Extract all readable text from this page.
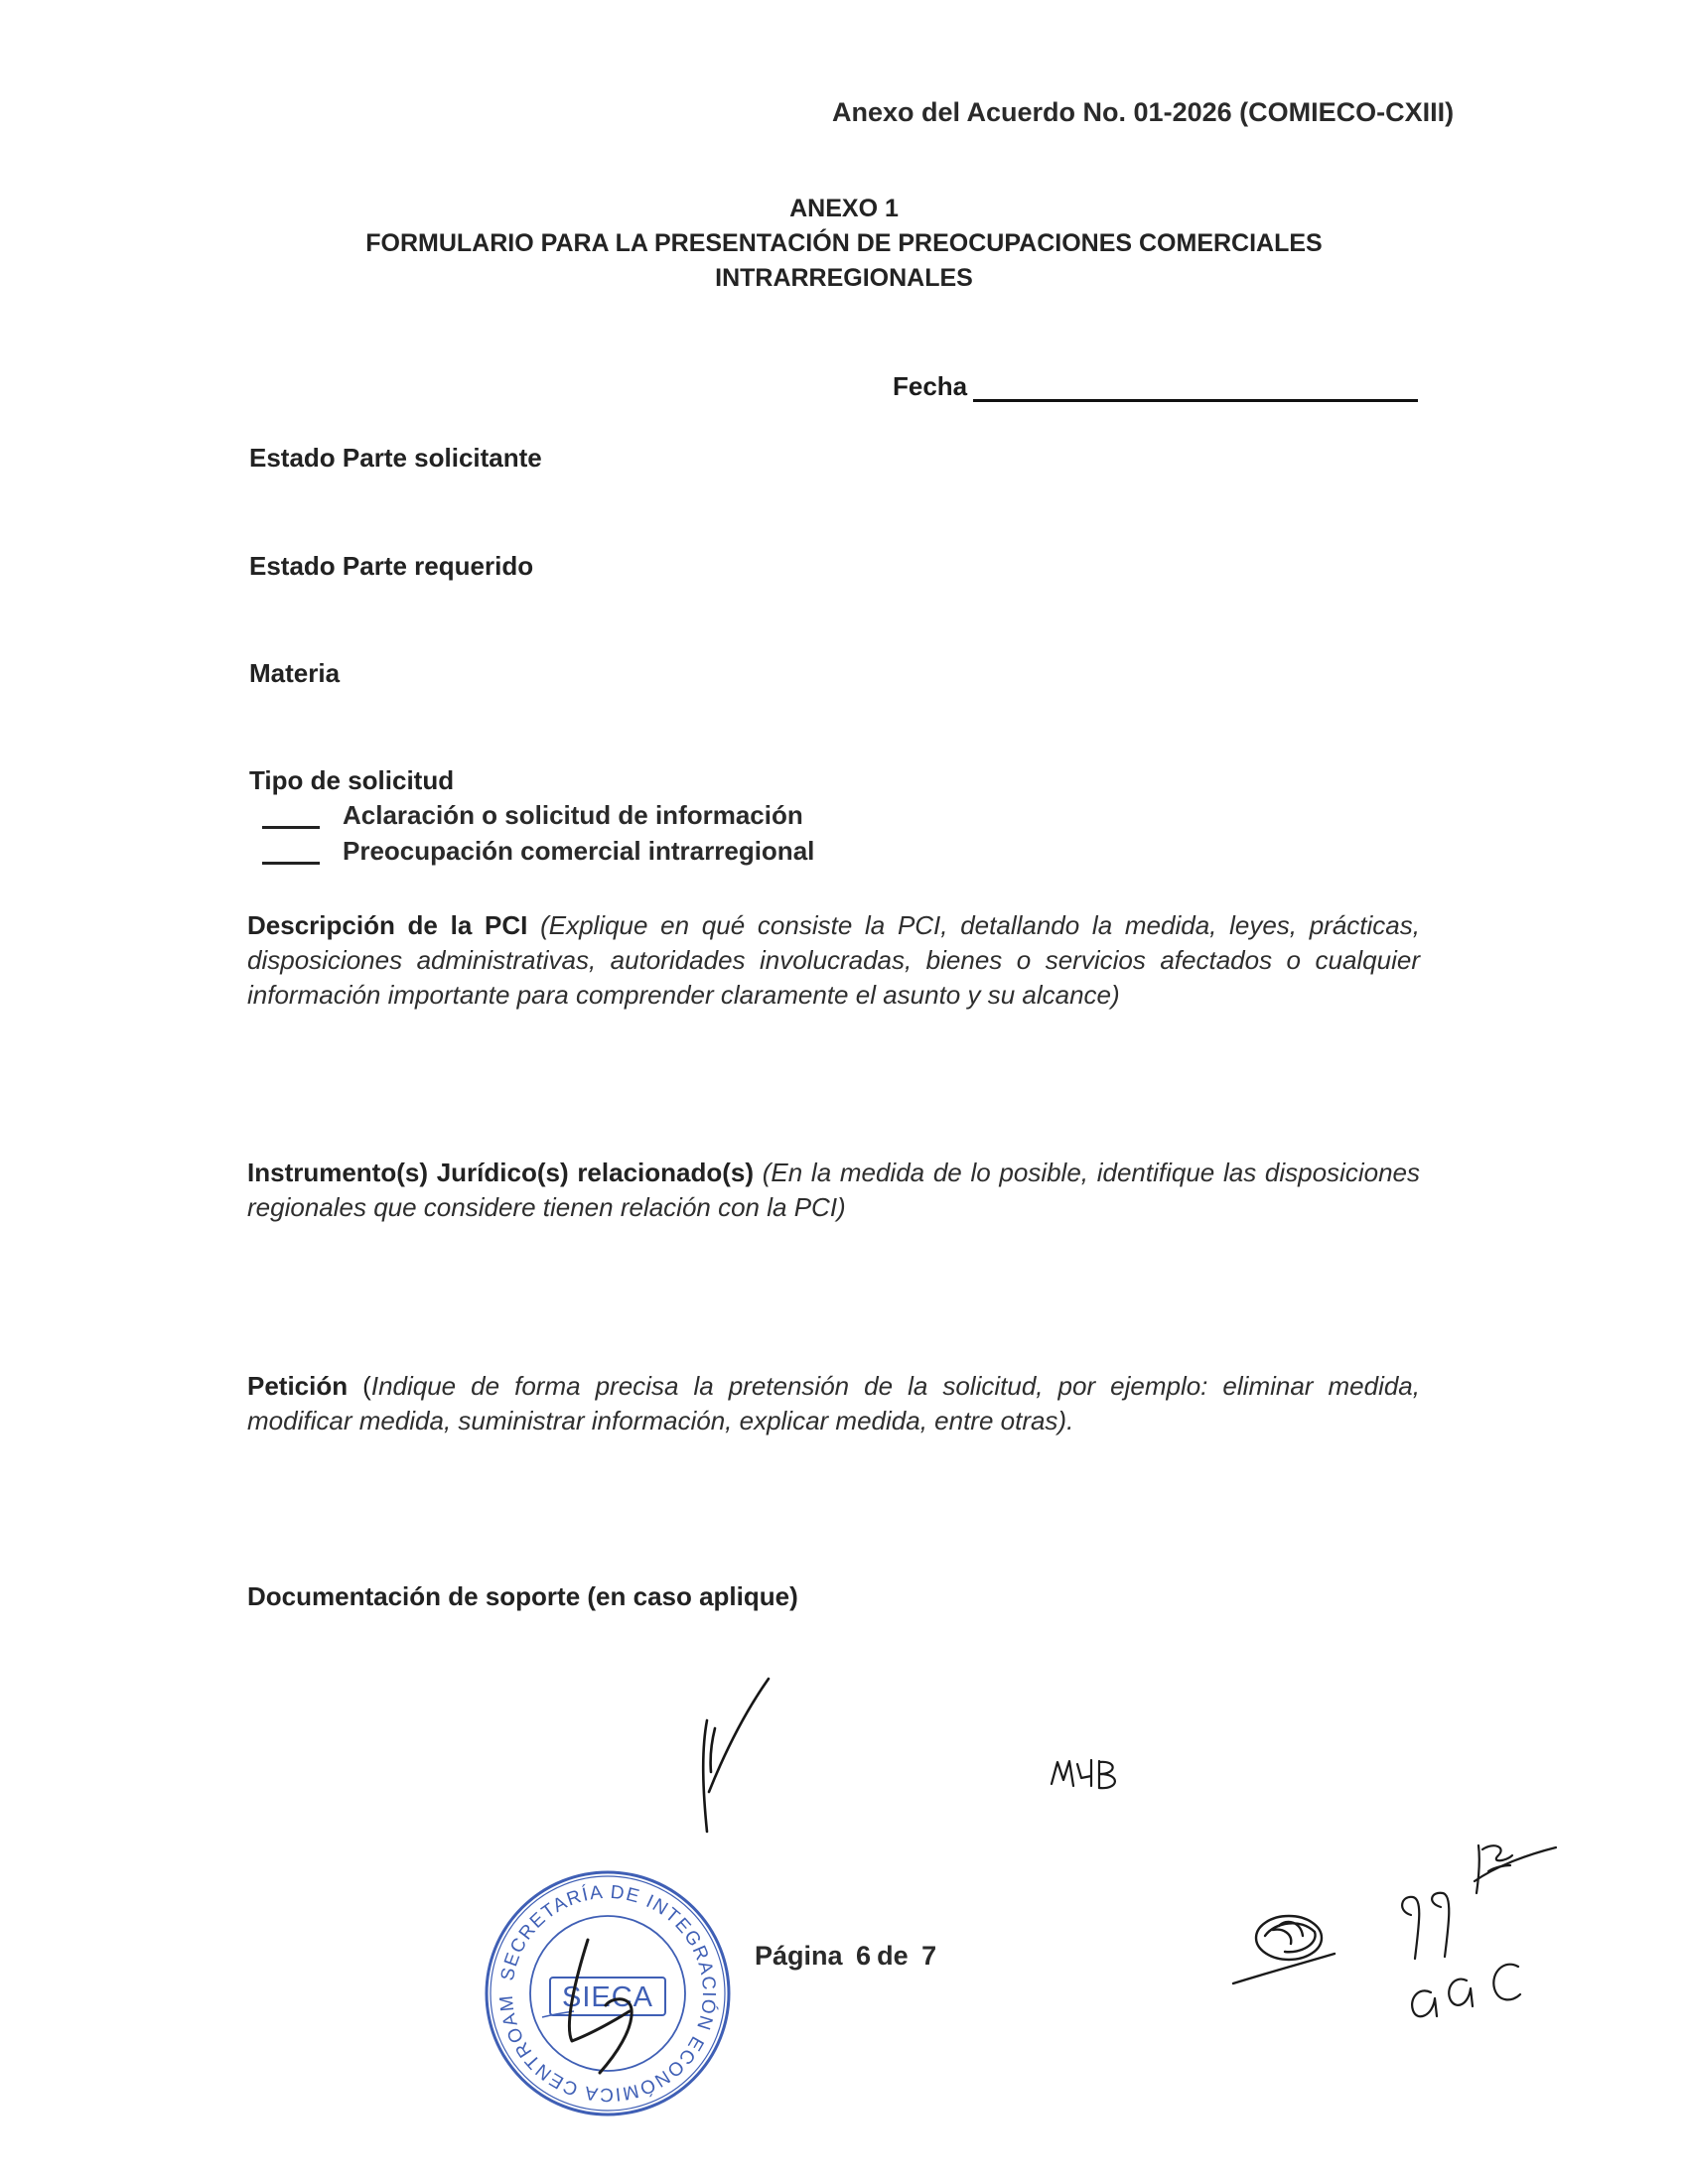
Anexo del Acuerdo No. 01-2026 (COMIECO-CXIII)
ANEXO 1
FORMULARIO PARA LA PRESENTACIÓN DE PREOCUPACIONES COMERCIALES
INTRARREGIONALES
Fecha
Estado Parte solicitante
Estado Parte requerido
Materia
Tipo de solicitud
Aclaración o solicitud de información
Preocupación comercial intrarregional
Descripción de la PCI (Explique en qué consiste la PCI, detallando la medida, leyes, prácticas, disposiciones administrativas, autoridades involucradas, bienes o servicios afectados o cualquier información importante para comprender claramente el asunto y su alcance)
Instrumento(s) Jurídico(s) relacionado(s) (En la medida de lo posible, identifique las disposiciones regionales que considere tienen relación con la PCI)
Petición (Indique de forma precisa la pretensión de la solicitud, por ejemplo: eliminar medida, modificar medida, suministrar información, explicar medida, entre otras).
Documentación de soporte (en caso aplique)
Página 6 de 7
SECRETARÍA DE INTEGRACIÓN ECONÓMICA CENTROAMERICANA ★
SIECA
